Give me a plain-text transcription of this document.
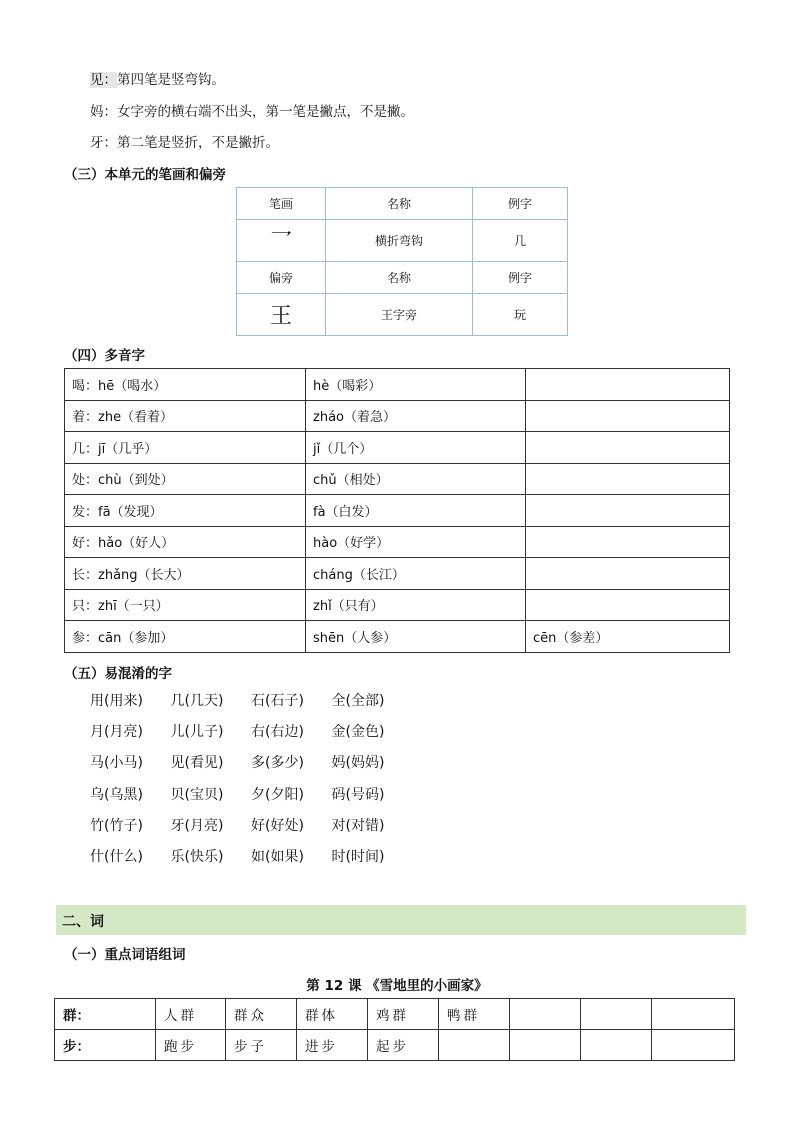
见：第四笔是竖弯钩。
妈：女字旁的横右端不出头，第一笔是撇点，不是撇。
牙：第二笔是竖折，不是撇折。
（三）本单元的笔画和偏旁
笔画	名称	例字
乛	横折弯钩	几
偏旁	名称	例字
王	王字旁	玩
（四）多音字
喝：hē（喝水）	hè（喝彩）	
着：zhe（看着）	zháo（着急）	
几：jī（几乎）	jǐ（几个）	
处：chù（到处）	chǔ（相处）	
发：fā（发现）	fà（白发）	
好：hǎo（好人）	hào（好学）	
长：zhǎng（长大）	cháng（长江）	
只：zhī（一只）	zhǐ（只有）	
参：cān（参加）	shēn（人参）	cēn（参差）
（五）易混淆的字
用(用来)	几(几天)	石(石子)	全(全部)
月(月亮)	儿(儿子)	右(右边)	金(金色)
马(小马)	见(看见)	多(多少)	妈(妈妈)
乌(乌黑)	贝(宝贝)	夕(夕阳)	码(号码)
竹(竹子)	牙(月亮)	好(好处)	对(对错)
什(什么)	乐(快乐)	如(如果)	时(时间)
二、词
（一）重点词语组词
第 12 课 《雪地里的小画家》
群：	人群	群众	群体	鸡群	鸭群			
步：	跑步	步子	进步	起步				
